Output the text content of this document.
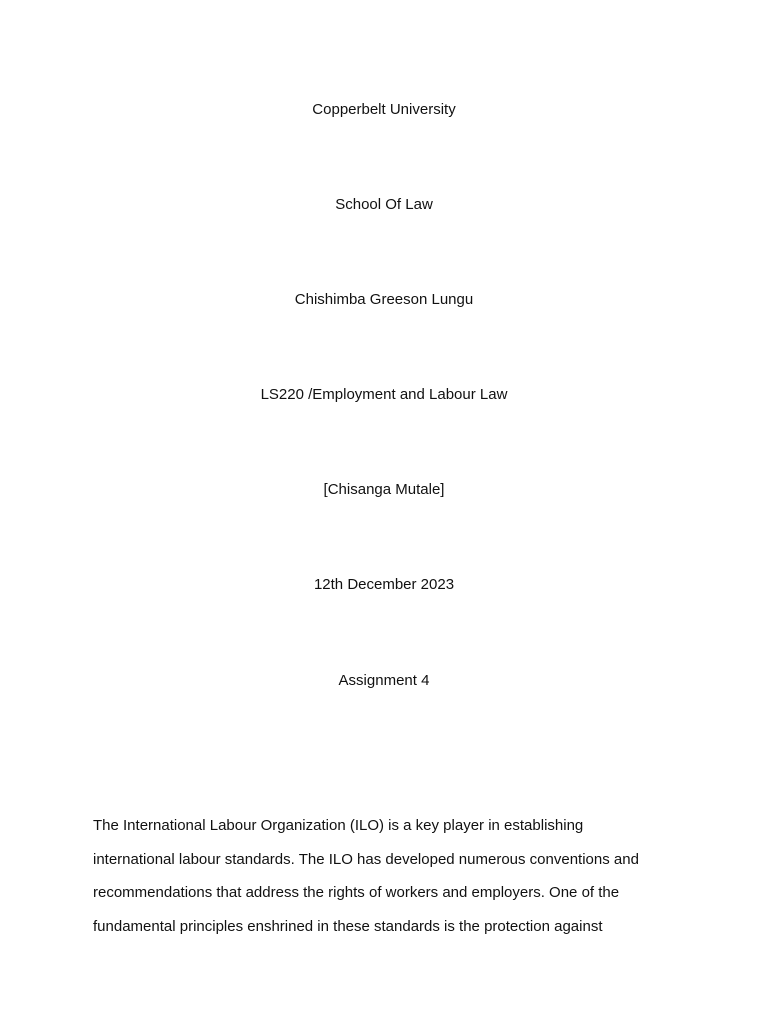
Copperbelt University
School Of Law
Chishimba Greeson Lungu
LS220 /Employment and Labour Law
[Chisanga Mutale]
12th December 2023
Assignment 4
The International Labour Organization (ILO) is a key player in establishing
international labour standards. The ILO has developed numerous conventions and
recommendations that address the rights of workers and employers. One of the
fundamental principles enshrined in these standards is the protection against
